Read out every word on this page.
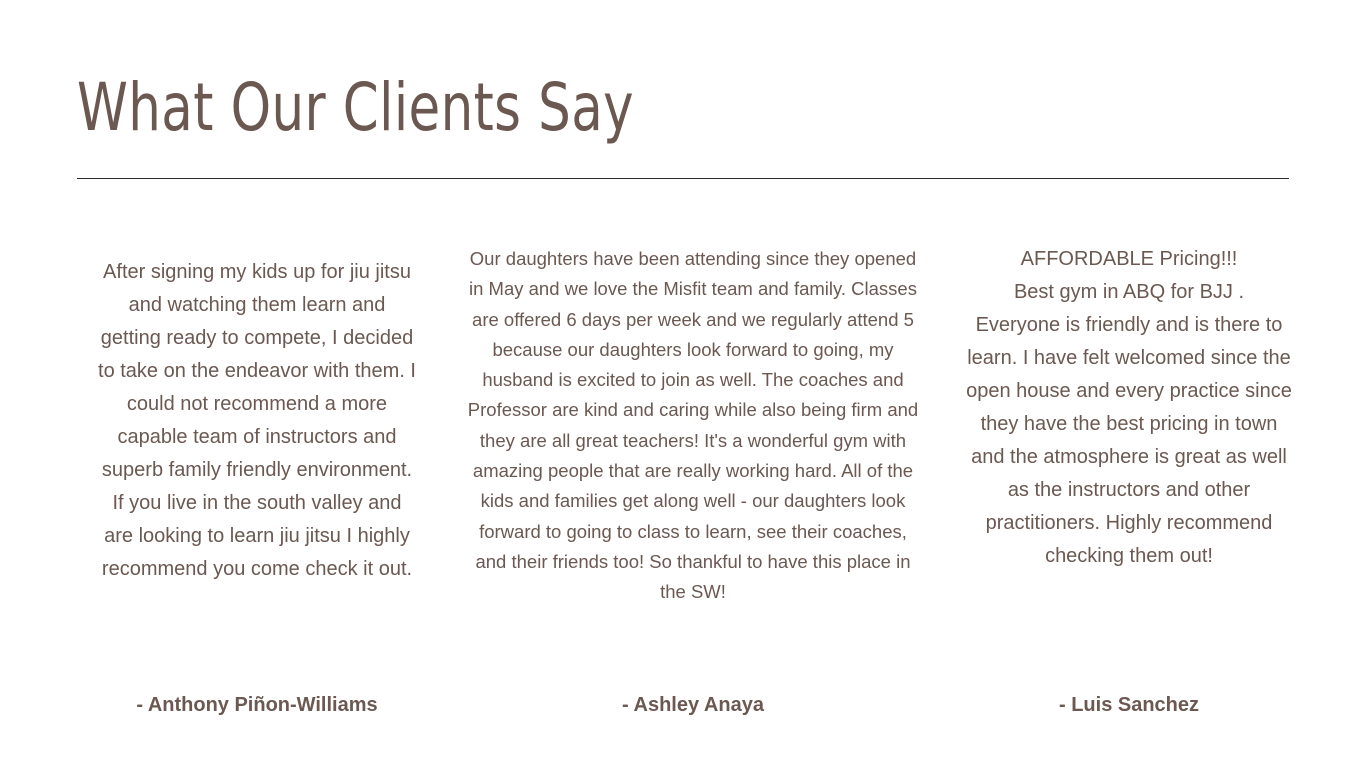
What Our Clients Say

After signing my kids up for jiu jitsu and watching them learn and getting ready to compete, I decided to take on the endeavor with them. I could not recommend a more capable team of instructors and superb family friendly environment. If you live in the south valley and are looking to learn jiu jitsu I highly recommend you come check it out.

Our daughters have been attending since they opened in May and we love the Misfit team and family. Classes are offered 6 days per week and we regularly attend 5 because our daughters look forward to going, my husband is excited to join as well. The coaches and Professor are kind and caring while also being firm and they are all great teachers! It's a wonderful gym with amazing people that are really working hard. All of the kids and families get along well - our daughters look forward to going to class to learn, see their coaches, and their friends too! So thankful to have this place in the SW!

AFFORDABLE Pricing!!!
Best gym in ABQ for BJJ .
Everyone is friendly and is there to learn. I have felt welcomed since the open house and every practice since they have the best pricing in town and the atmosphere is great as well as the instructors and other practitioners. Highly recommend checking them out!

- Anthony Piñon-Williams	- Ashley Anaya	- Luis Sanchez
